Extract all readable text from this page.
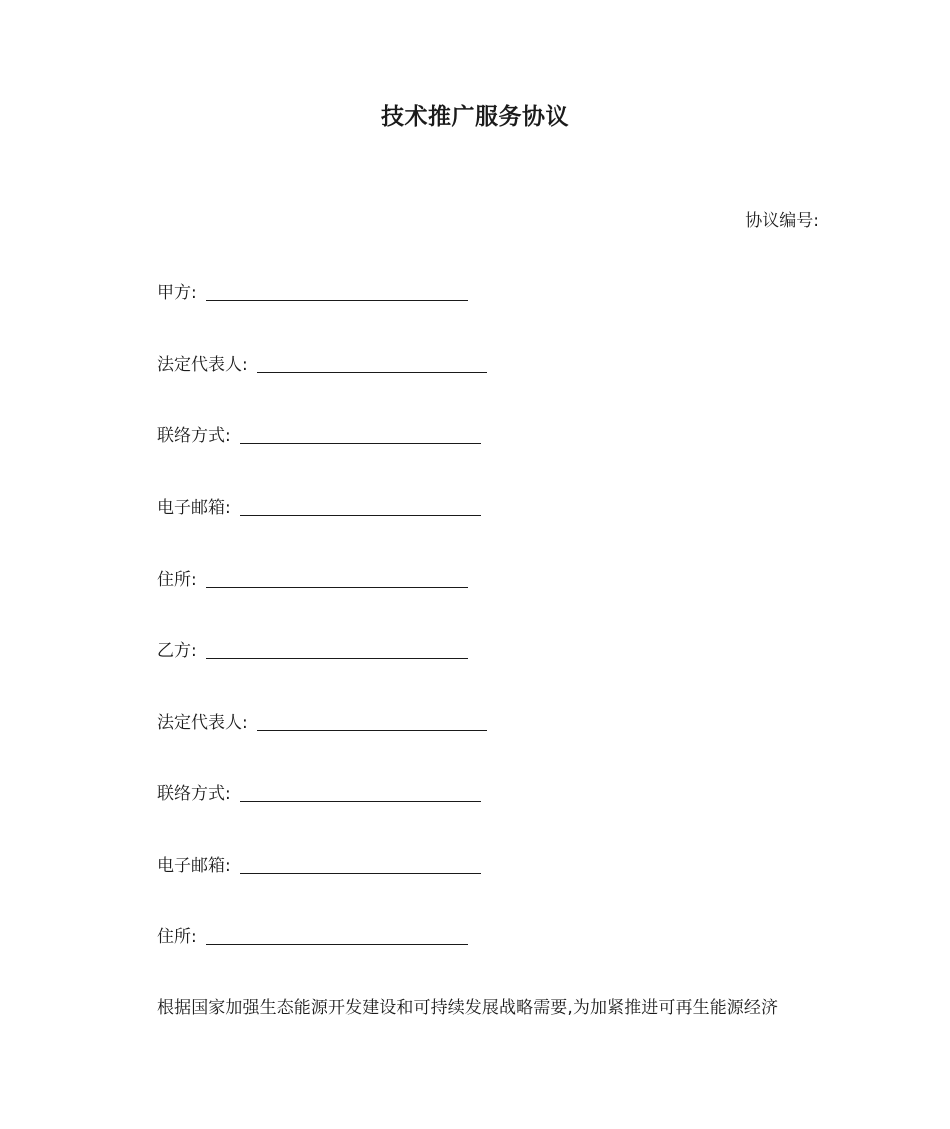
技术推广服务协议
协议编号:
甲方:
法定代表人:
联络方式:
电子邮箱:
住所:
乙方:
法定代表人:
联络方式:
电子邮箱:
住所:
根据国家加强生态能源开发建设和可持续发展战略需要,为加紧推进可再生能源经济
